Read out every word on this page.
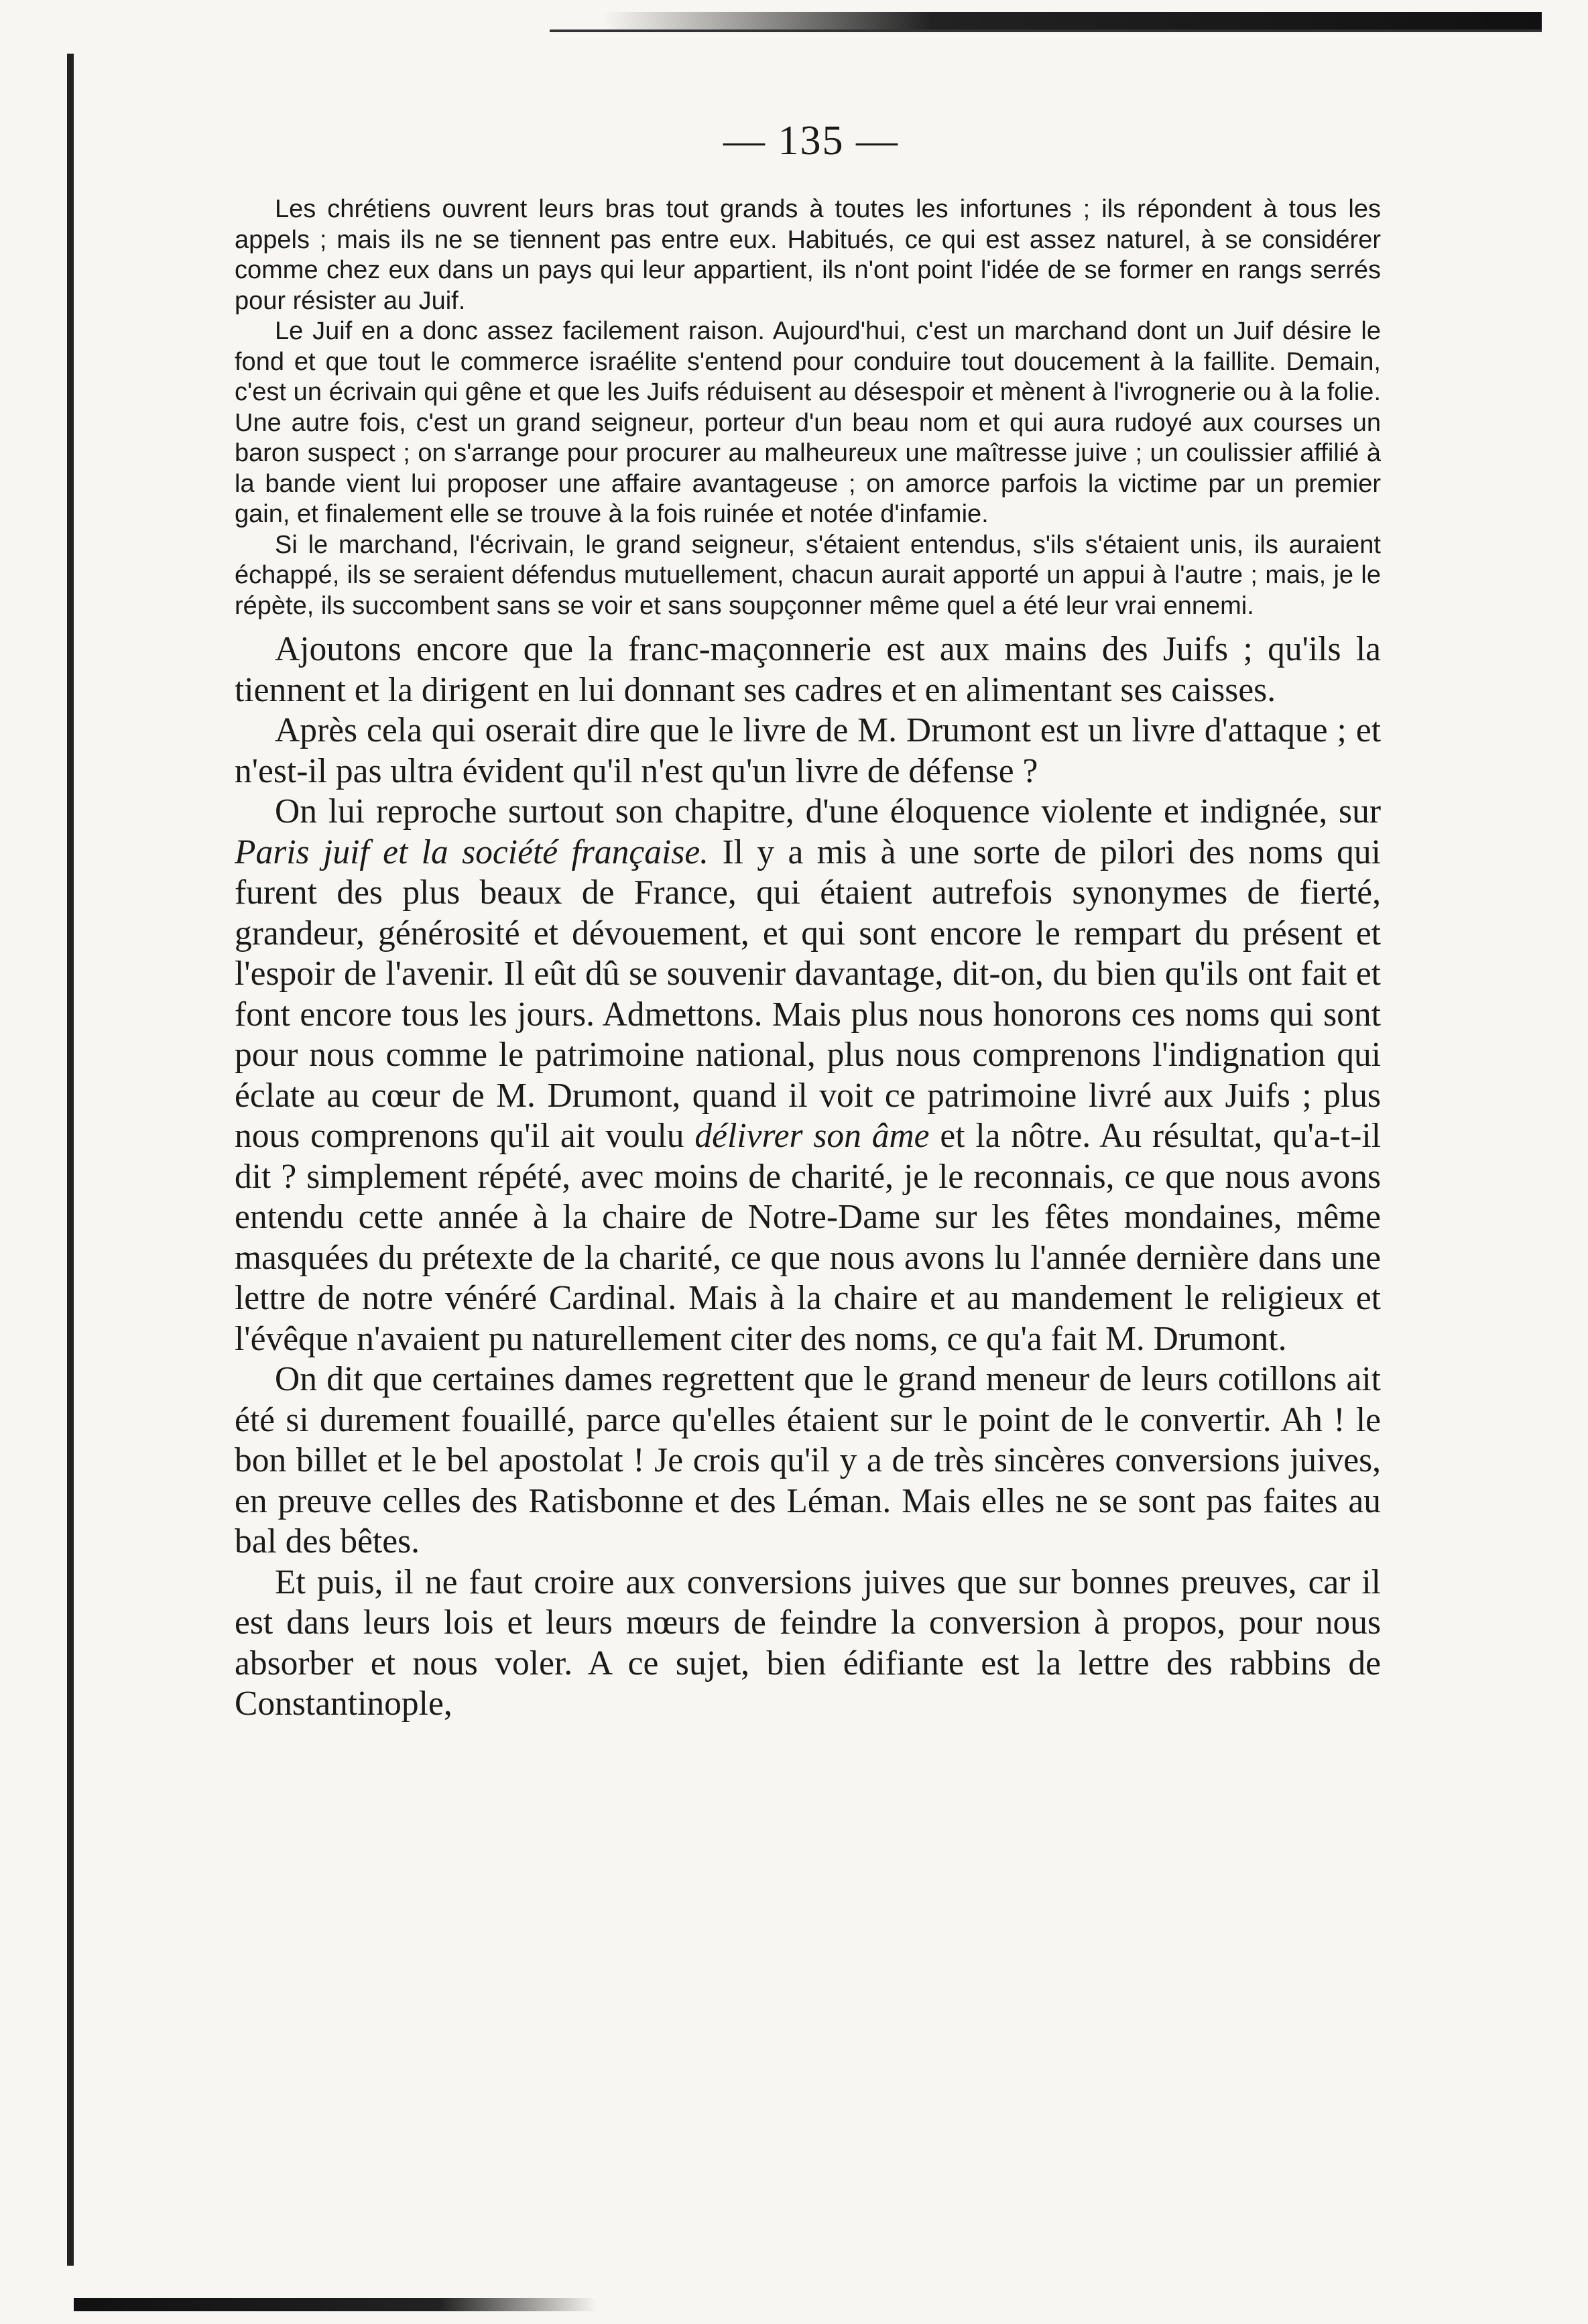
— 135 —

Les chrétiens ouvrent leurs bras tout grands à toutes les infortunes ; ils répondent à tous les appels ; mais ils ne se tiennent pas entre eux. Habitués, ce qui est assez naturel, à se considérer comme chez eux dans un pays qui leur appartient, ils n'ont point l'idée de se former en rangs serrés pour résister au Juif.

Le Juif en a donc assez facilement raison. Aujourd'hui, c'est un marchand dont un Juif désire le fond et que tout le commerce israélite s'entend pour conduire tout doucement à la faillite. Demain, c'est un écrivain qui gêne et que les Juifs réduisent au désespoir et mènent à l'ivrognerie ou à la folie. Une autre fois, c'est un grand seigneur, porteur d'un beau nom et qui aura rudoyé aux courses un baron suspect ; on s'arrange pour procurer au malheureux une maîtresse juive ; un coulissier affilié à la bande vient lui proposer une affaire avantageuse ; on amorce parfois la victime par un premier gain, et finalement elle se trouve à la fois ruinée et notée d'infamie.

Si le marchand, l'écrivain, le grand seigneur, s'étaient entendus, s'ils s'étaient unis, ils auraient échappé, ils se seraient défendus mutuellement, chacun aurait apporté un appui à l'autre ; mais, je le répète, ils succombent sans se voir et sans soupçonner même quel a été leur vrai ennemi.

Ajoutons encore que la franc-maçonnerie est aux mains des Juifs ; qu'ils la tiennent et la dirigent en lui donnant ses cadres et en alimentant ses caisses.

Après cela qui oserait dire que le livre de M. Drumont est un livre d'attaque ; et n'est-il pas ultra évident qu'il n'est qu'un livre de défense ?

On lui reproche surtout son chapitre, d'une éloquence violente et indignée, sur Paris juif et la société française. Il y a mis à une sorte de pilori des noms qui furent des plus beaux de France, qui étaient autrefois synonymes de fierté, grandeur, générosité et dévouement, et qui sont encore le rempart du présent et l'espoir de l'avenir. Il eût dû se souvenir davantage, dit-on, du bien qu'ils ont fait et font encore tous les jours. Admettons. Mais plus nous honorons ces noms qui sont pour nous comme le patrimoine national, plus nous comprenons l'indignation qui éclate au cœur de M. Drumont, quand il voit ce patrimoine livré aux Juifs ; plus nous comprenons qu'il ait voulu délivrer son âme et la nôtre. Au résultat, qu'a-t-il dit ? simplement répété, avec moins de charité, je le reconnais, ce que nous avons entendu cette année à la chaire de Notre-Dame sur les fêtes mondaines, même masquées du prétexte de la charité, ce que nous avons lu l'année dernière dans une lettre de notre vénéré Cardinal. Mais à la chaire et au mandement le religieux et l'évêque n'avaient pu naturellement citer des noms, ce qu'a fait M. Drumont.

On dit que certaines dames regrettent que le grand meneur de leurs cotillons ait été si durement fouaillé, parce qu'elles étaient sur le point de le convertir. Ah ! le bon billet et le bel apostolat ! Je crois qu'il y a de très sincères conversions juives, en preuve celles des Ratisbonne et des Léman. Mais elles ne se sont pas faites au bal des bêtes.

Et puis, il ne faut croire aux conversions juives que sur bonnes preuves, car il est dans leurs lois et leurs mœurs de feindre la conversion à propos, pour nous absorber et nous voler. A ce sujet, bien édifiante est la lettre des rabbins de Constantinople,
